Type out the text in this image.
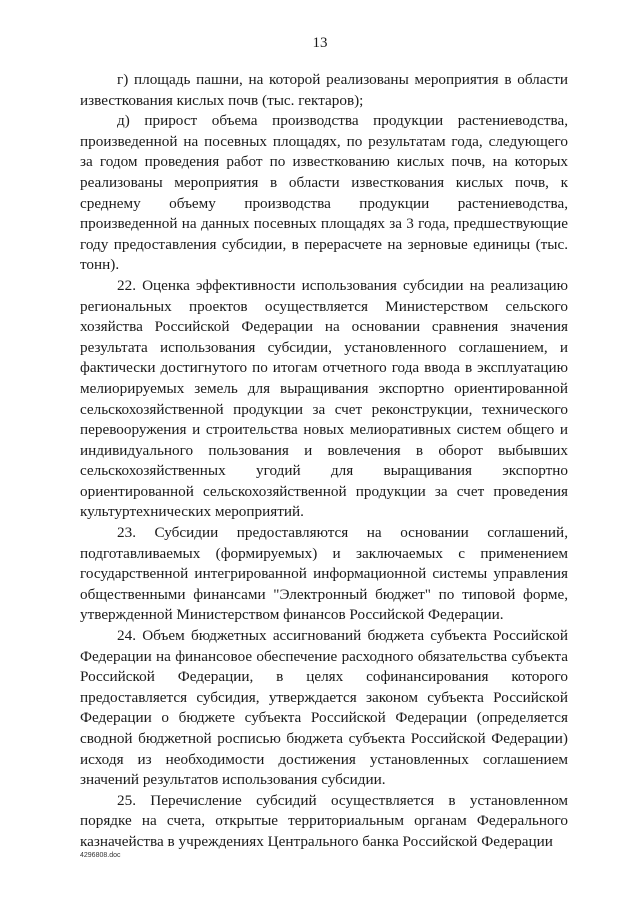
13

г) площадь пашни, на которой реализованы мероприятия в области известкования кислых почв (тыс. гектаров);

д) прирост объема производства продукции растениеводства, произведенной на посевных площадях, по результатам года, следующего за годом проведения работ по известкованию кислых почв, на которых реализованы мероприятия в области известкования кислых почв, к среднему объему производства продукции растениеводства, произведенной на данных посевных площадях за 3 года, предшествующие году предоставления субсидии, в перерасчете на зерновые единицы (тыс. тонн).

22. Оценка эффективности использования субсидии на реализацию региональных проектов осуществляется Министерством сельского хозяйства Российской Федерации на основании сравнения значения результата использования субсидии, установленного соглашением, и фактически достигнутого по итогам отчетного года ввода в эксплуатацию мелиорируемых земель для выращивания экспортно ориентированной сельскохозяйственной продукции за счет реконструкции, технического перевооружения и строительства новых мелиоративных систем общего и индивидуального пользования и вовлечения в оборот выбывших сельскохозяйственных угодий для выращивания экспортно ориентированной сельскохозяйственной продукции за счет проведения культуртехнических мероприятий.

23. Субсидии предоставляются на основании соглашений, подготавливаемых (формируемых) и заключаемых с применением государственной интегрированной информационной системы управления общественными финансами "Электронный бюджет" по типовой форме, утвержденной Министерством финансов Российской Федерации.

24. Объем бюджетных ассигнований бюджета субъекта Российской Федерации на финансовое обеспечение расходного обязательства субъекта Российской Федерации, в целях софинансирования которого предоставляется субсидия, утверждается законом субъекта Российской Федерации о бюджете субъекта Российской Федерации (определяется сводной бюджетной росписью бюджета субъекта Российской Федерации) исходя из необходимости достижения установленных соглашением значений результатов использования субсидии.

25. Перечисление субсидий осуществляется в установленном порядке на счета, открытые территориальным органам Федерального казначейства в учреждениях Центрального банка Российской Федерации

4296808.doc
